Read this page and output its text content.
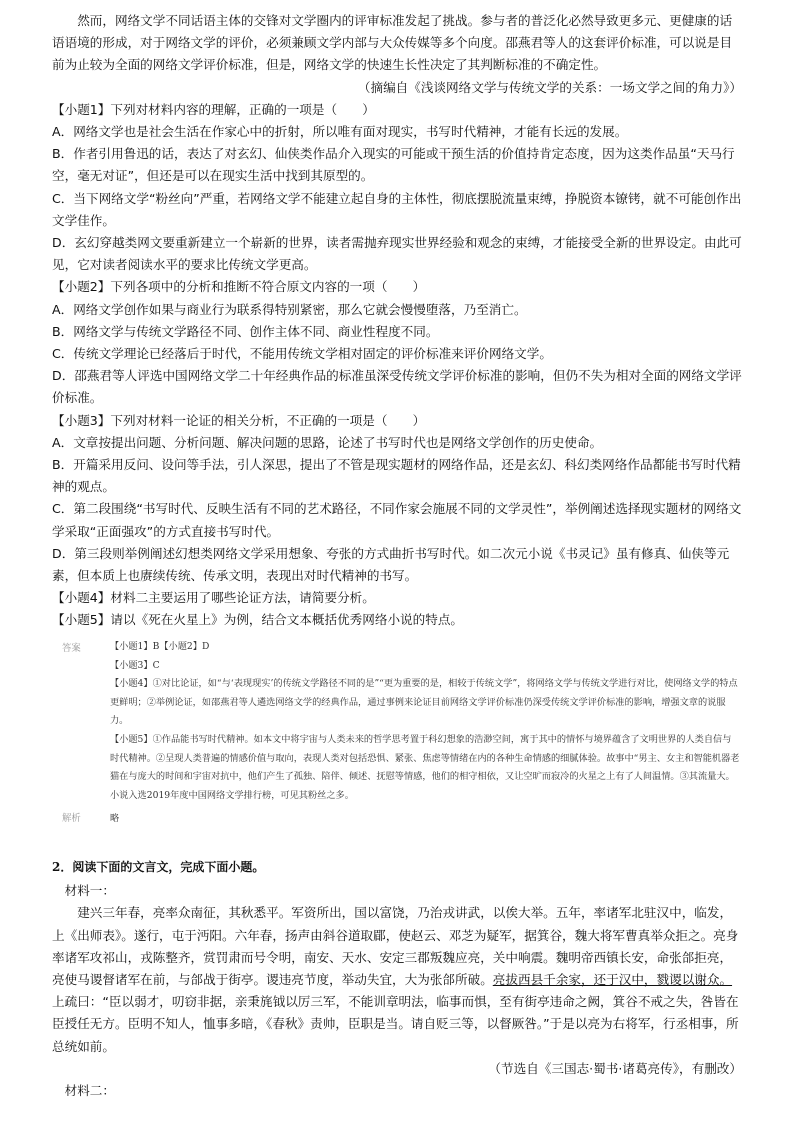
然而，网络文学不同话语主体的交锋对文学圈内的评审标准发起了挑战。参与者的普泛化必然导致更多元、更健康的话语语境的形成，对于网络文学的评价，必须兼顾文学内部与大众传媒等多个向度。邵燕君等人的这套评价标准，可以说是目前为止较为全面的网络文学评价标准，但是，网络文学的快速生长性决定了其判断标准的不确定性。

（摘编自《浅谈网络文学与传统文学的关系：一场文学之间的角力》）

【小题1】下列对材料内容的理解，正确的一项是（　　）

A．网络文学也是社会生活在作家心中的折射，所以唯有面对现实，书写时代精神，才能有长远的发展。

B．作者引用鲁迅的话，表达了对玄幻、仙侠类作品介入现实的可能或干预生活的价值持肯定态度，因为这类作品虽“天马行空，毫无对证”，但还是可以在现实生活中找到其原型的。

C．当下网络文学“粉丝向”严重，若网络文学不能建立起自身的主体性，彻底摆脱流量束缚，挣脱资本镣铐，就不可能创作出文学佳作。

D．玄幻穿越类网文要重新建立一个崭新的世界，读者需抛弃现实世界经验和观念的束缚，才能接受全新的世界设定。由此可见，它对读者阅读水平的要求比传统文学更高。

【小题2】下列各项中的分析和推断不符合原文内容的一项（　　）

A．网络文学创作如果与商业行为联系得特别紧密，那么它就会慢慢堕落，乃至消亡。

B．网络文学与传统文学路径不同、创作主体不同、商业性程度不同。

C．传统文学理论已经落后于时代，不能用传统文学相对固定的评价标准来评价网络文学。

D．邵燕君等人评选中国网络文学二十年经典作品的标准虽深受传统文学评价标准的影响，但仍不失为相对全面的网络文学评价标准。

【小题3】下列对材料一论证的相关分析，不正确的一项是（　　）

A．文章按提出问题、分析问题、解决问题的思路，论述了书写时代也是网络文学创作的历史使命。

B．开篇采用反问、设问等手法，引人深思，提出了不管是现实题材的网络作品，还是玄幻、科幻类网络作品都能书写时代精神的观点。

C．第二段围绕“书写时代、反映生活有不同的艺术路径，不同作家会施展不同的文学灵性”，举例阐述选择现实题材的网络文学采取“正面强攻”的方式直接书写时代。

D．第三段则举例阐述幻想类网络文学采用想象、夸张的方式曲折书写时代。如二次元小说《书灵记》虽有修真、仙侠等元素，但本质上也赓续传统、传承文明，表现出对时代精神的书写。

【小题4】材料二主要运用了哪些论证方法，请简要分析。

【小题5】请以《死在火星上》为例，结合文本概括优秀网络小说的特点。

答案	【小题1】B【小题2】D

【小题3】C

【小题4】①对比论证，如“与‘表现现实’的传统文学路径不同的是”“更为重要的是，相较于传统文学”，将网络文学与传统文学进行对比，使网络文学的特点更鲜明；②举例论证，如邵燕君等人遴选网络文学的经典作品，通过事例来论证目前网络文学评价标准仍深受传统文学评价标准的影响，增强文章的说服力。

【小题5】①作品能书写时代精神。如本文中将宇宙与人类未来的哲学思考置于科幻想象的浩渺空间，寓于其中的情怀与境界蕴含了文明世界的人类自信与时代精神。②呈现人类普遍的情感价值与取向，表现人类对包括恐惧、紧张、焦虑等情绪在内的各种生命情感的细腻体验。故事中“男主、女主和智能机器老猫在与庞大的时间和宇宙对抗中，他们产生了孤独、陪伴、倾述、抚慰等情感，他们的相守相依，又让空旷而寂冷的火星之上有了人间温情。③其流量大。小说入选2019年度中国网络文学排行榜，可见其粉丝之多。

解析	略

2．阅读下面的文言文，完成下面小题。

材料一：

建兴三年春，亮率众南征，其秋悉平。军资所出，国以富饶，乃治戎讲武，以俟大举。五年，率诸军北驻汉中，临发，上《出师表》。遂行，屯于沔阳。六年春，扬声由斜谷道取郿，使赵云、邓芝为疑军，据箕谷，魏大将军曹真举众拒之。亮身率诸军攻祁山，戎陈整齐，赏罚肃而号令明，南安、天水、安定三郡叛魏应亮，关中响震。魏明帝西镇长安，命张郃拒亮，亮使马谡督诸军在前，与郃战于街亭。谡违亮节度，举动失宜，大为张郃所破。亮拔西县千余家，还于汉中，戮谡以谢众。上疏曰：“臣以弱才，叨窃非据，亲秉旄钺以厉三军，不能训章明法，临事而惧，至有街亭违命之阙，箕谷不戒之失，咎皆在臣授任无方。臣明不知人，恤事多暗，《春秋》责帅，臣职是当。请自贬三等，以督厥咎。”于是以亮为右将军，行丞相事，所总统如前。

（节选自《三国志·蜀书·诸葛亮传》，有删改）

材料二：
